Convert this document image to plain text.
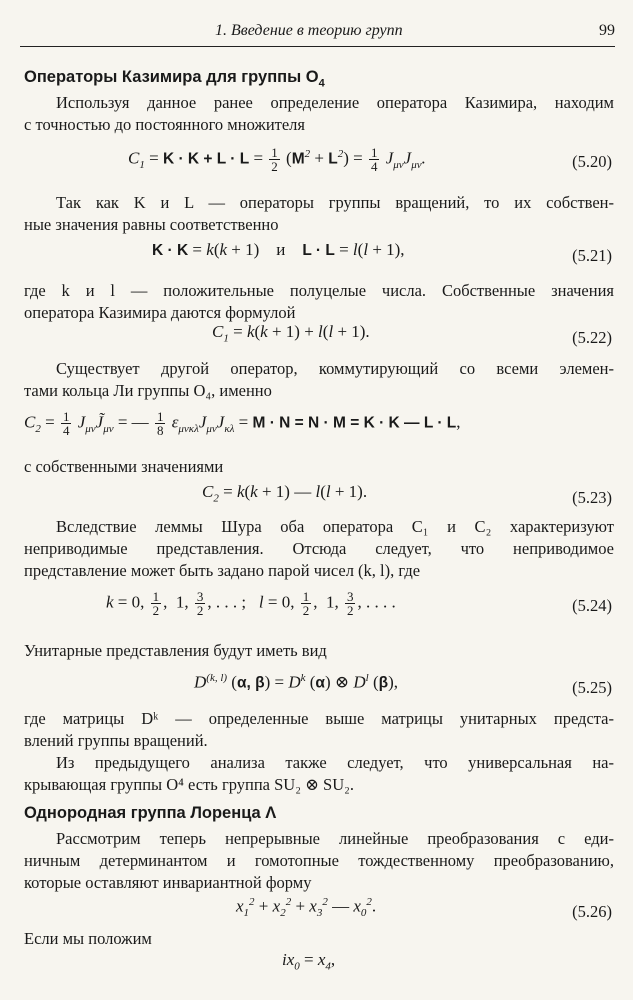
1. Введение в теорию групп	99
Операторы Казимира для группы $O_4$
Используя данное ранее определение оператора Казимира, находим
с точностью до постоянного множителя
$C_1 = K \cdot K + L \cdot L = \frac{1}{2} (M^2 + L^2) = \frac{1}{4} J_{\mu\nu}J_{\mu\nu}$.	(5.20)
Так как K и L — операторы группы вращений, то их собствен-
ные значения равны соответственно
K · K = k(k + 1) и L · L = l(l + 1),	(5.21)
где k и l — положительные полуцелые числа. Собственные значения
оператора Казимира даются формулой
$C_1 = k(k + 1) + l(l + 1)$.	(5.22)
Существует другой оператор, коммутирующий со всеми элемен-
тами кольца Ли группы O₄, именно
$C_2 = \frac{1}{4}$ $J_{\mu\nu}J̃_{\mu\nu}$ = — $\frac{1}{8} \varepsilon_{\mu\nu\kappa\lambda}J_{\mu\nu}J_{\kappa\lambda} = M \cdot N = N \cdot M = K \cdot K$ — L · L,
с собственными значениями
$C_2 = k(k + 1)$ — l(l + 1).	(5.23)
Вследствие леммы Шура оба оператора C₁ и C₂ характеризуют
неприводимые представления. Отсюда следует, что неприводимое
представление может быть задано парой чисел (k, l), где
k = 0, $\frac{1}{2}$ ,  1, $\frac{3}{2}$ , . . . ;   l = 0, $\frac{1}{2}$ ,  1, $\frac{3}{2}$ , . . . .	(5.24)
Унитарные представления будут иметь вид
D$^{(k, l)}$ (α, $\beta) = D^k$ (α) ⊗ $D^l$ (β),	(5.25)
где матрицы Dᵏ — определенные выше матрицы унитарных предста-
влений группы вращений.
Из предыдущего анализа также следует, что универсальная на-
крывающая группы O⁴ есть группа SU₂ ⊗ SU₂.
Однородная группа Лоренца Λ
Рассмотрим теперь непрерывные линейные преобразования с еди-
ничным детерминантом и гомотопные тождественному преобразованию,
которые оставляют инвариантной форму
$x_1^2 + x_2^2 + x_3^2$ — $x_0^2$.	(5.26)
Если мы положим
$ix_0 = x_4$,
